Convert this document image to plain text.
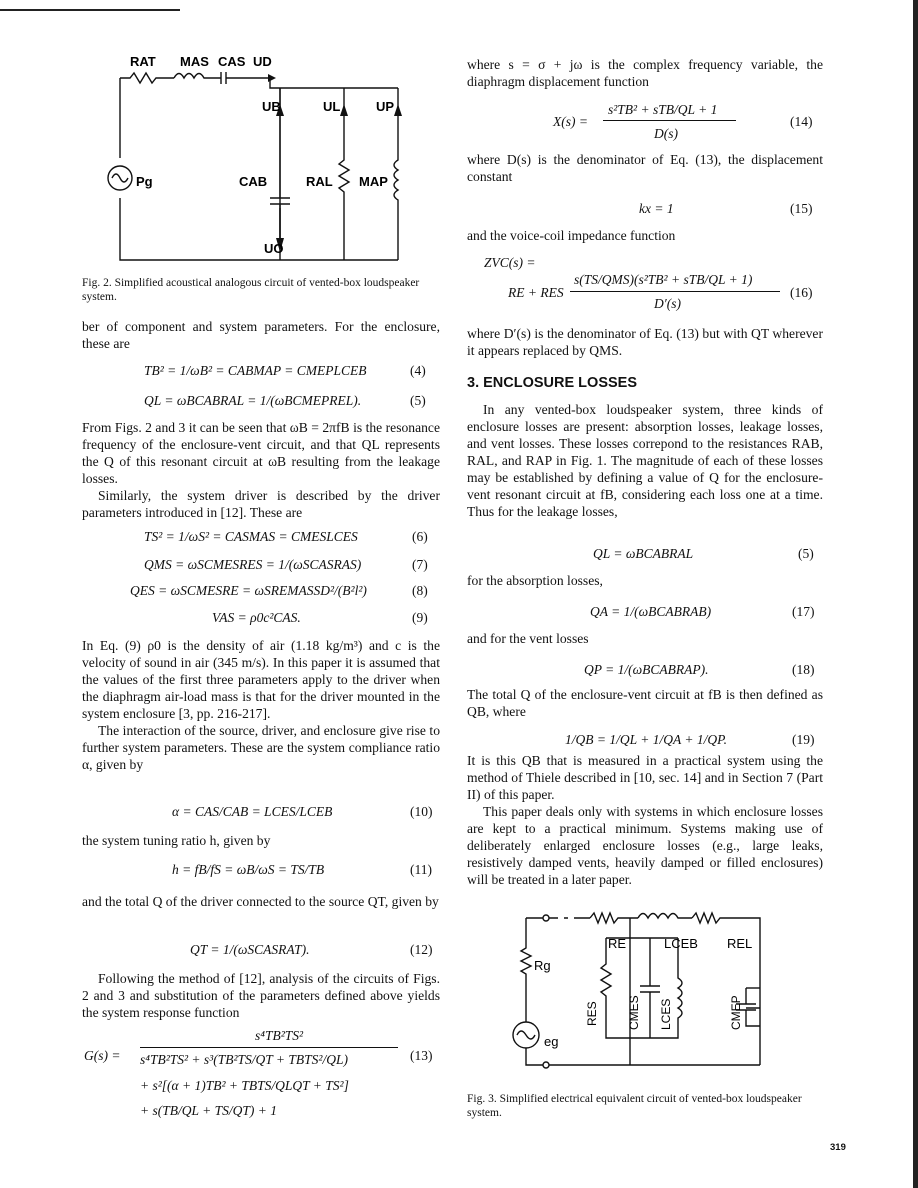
RAT MAS CAS UD
UB	UL	UP
Pg	CAB	RAL MAP
UO
Fig. 2. Simplified acoustical analogous circuit of vented-box loudspeaker system.
ber of component and system parameters. For the enclosure, these are
TB² = 1/ωB² = CABMAP = CMEPLCEB	(4)
QL = ωBCABRAL = 1/(ωBCMEPREL).	(5)

From Figs. 2 and 3 it can be seen that ωB = 2πfB is the resonance frequency of the enclosure-vent circuit, and that QL represents the Q of this resonant circuit at ωB resulting from the leakage losses.

Similarly, the system driver is described by the driver parameters introduced in [12]. These are

TS² = 1/ωS² = CASMAS = CMESLCES	(6)
QMS = ωSCMESRES = 1/(ωSCASRAS)	(7)
QES = ωSCMESRE = ωSREMASSD²/(B²l²)	(8)
VAS = ρ0c²CAS.	(9)

In Eq. (9) ρ0 is the density of air (1.18 kg/m³) and c is the velocity of sound in air (345 m/s). In this paper it is assumed that the values of the first three parameters apply to the driver when the diaphragm air-load mass is that for the driver mounted in the system enclosure [3, pp. 216-217].

The interaction of the source, driver, and enclosure give rise to further system parameters. These are the system compliance ratio α, given by

α = CAS/CAB = LCES/LCEB	(10)
the system tuning ratio h, given by
h = fB/fS = ωB/ωS = TS/TB	(11)
and the total Q of the driver connected to the source QT, given by
QT = 1/(ωSCASRAT).	(12)

Following the method of [12], analysis of the circuits of Figs. 2 and 3 and substitution of the parameters defined above yields the system response function

G(s) =
s⁴TB²TS²
s⁴TB²TS² + s³(TB²TS/QT + TBTS²/QL)	(13)
+ s²[(α + 1)TB² + TBTS/QLQT + TS²]
+ s(TB/QL + TS/QT) + 1
where s = σ + jω is the complex frequency variable, the diaphragm displacement function
X(s) =
s²TB² + sTB/QL + 1
D(s)
(14)
where D(s) is the denominator of Eq. (13), the displacement constant
kx = 1	(15)
and the voice-coil impedance function
ZVC(s) =
RE + RES
s(TS/QMS)(s²TB² + sTB/QL + 1)
D′(s)
(16)
where D′(s) is the denominator of Eq. (13) but with QT wherever it appears replaced by QMS.
3. ENCLOSURE LOSSES

In any vented-box loudspeaker system, three kinds of enclosure losses are present: absorption losses, leakage losses, and vent losses. These losses correpond to the resistances RAB, RAL, and RAP in Fig. 1. The magnitude of each of these losses may be established by defining a value of Q for the enclosure-vent resonant circuit at fB, considering each loss one at a time. Thus for the leakage losses,

QL = ωBCABRAL	(5)
for the absorption losses,
QA = 1/(ωBCABRAB)	(17)
and for the vent losses
QP = 1/(ωBCABRAP).	(18)
The total Q of the enclosure-vent circuit at fB is then defined as QB, where
1/QB = 1/QL + 1/QA + 1/QP.	(19)

It is this QB that is measured in a practical system using the method of Thiele described in [10, sec. 14] and in Section 7 (Part II) of this paper.

This paper deals only with systems in which enclosure losses are kept to a practical minimum. Systems making use of deliberately enlarged enclosure losses (e.g., large leaks, resistively damped vents, heavily damped or filled enclosures) will be treated in a later paper.

RE	LCEB REL
Rg
eg
RES CMES LCES	CMEP
Fig. 3. Simplified electrical equivalent circuit of vented-box loudspeaker system.
319
